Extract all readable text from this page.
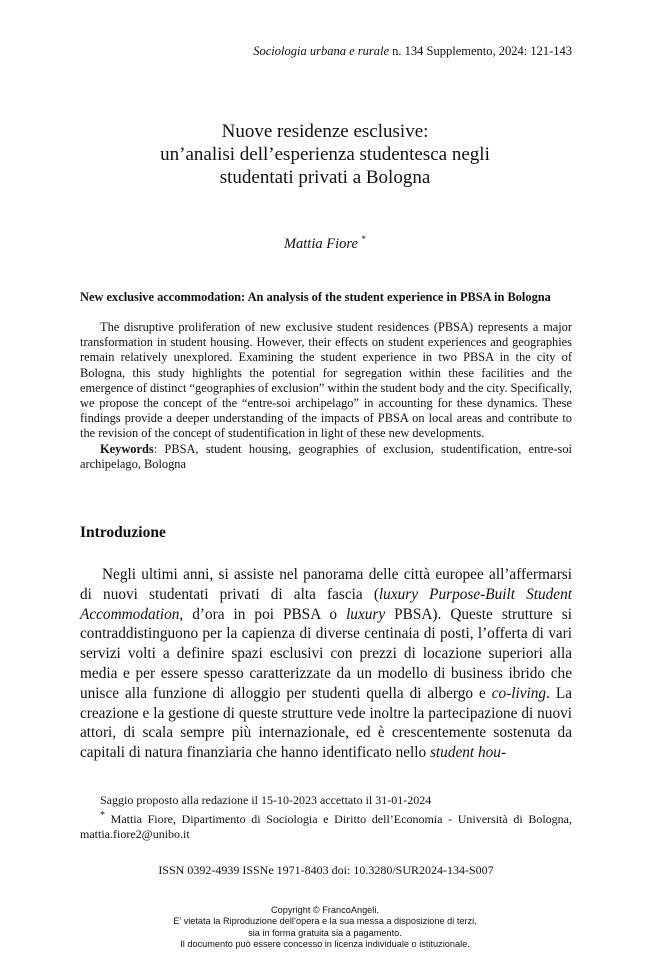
Sociologia urbana e rurale n. 134 Supplemento, 2024: 121-143
Nuove residenze esclusive:
un’analisi dell’esperienza studentesca negli
studentati privati a Bologna
Mattia Fiore *
New exclusive accommodation: An analysis of the student experience in PBSA in Bologna

The disruptive proliferation of new exclusive student residences (PBSA) represents a major transformation in student housing. However, their effects on student experiences and geographies remain relatively unexplored. Examining the student experience in two PBSA in the city of Bologna, this study highlights the potential for segregation within these facilities and the emergence of distinct “geographies of exclusion” within the student body and the city. Specifically, we propose the concept of the “entre-soi archipelago” in accounting for these dynamics. These findings provide a deeper understanding of the impacts of PBSA on local areas and contribute to the revision of the concept of studentification in light of these new developments.

Keywords: PBSA, student housing, geographies of exclusion, studentification, entre-soi archipelago, Bologna

Introduzione

Negli ultimi anni, si assiste nel panorama delle città europee all’affermarsi di nuovi studentati privati di alta fascia (luxury Purpose-Built Student Accommodation, d’ora in poi PBSA o luxury PBSA). Queste strutture si contraddistinguono per la capienza di diverse centinaia di posti, l’offerta di vari servizi volti a definire spazi esclusivi con prezzi di locazione superiori alla media e per essere spesso caratterizzate da un modello di business ibrido che unisce alla funzione di alloggio per studenti quella di albergo e co-living. La creazione e la gestione di queste strutture vede inoltre la partecipazione di nuovi attori, di scala sempre più internazionale, ed è crescentemente sostenuta da capitali di natura finanziaria che hanno identificato nello student hou-

Saggio proposto alla redazione il 15-10-2023 accettato il 31-01-2024

* Mattia Fiore, Dipartimento di Sociologia e Diritto dell’Economia - Università di Bologna, mattia.fiore2@unibo.it

ISSN 0392-4939 ISSNe 1971-8403 doi: 10.3280/SUR2024-134-S007
Copyright © FrancoAngeli.
E’ vietata la Riproduzione dell’opera e la sua messa a disposizione di terzi,
sia in forma gratuita sia a pagamento.
Il documento può essere concesso in licenza individuale o istituzionale.
